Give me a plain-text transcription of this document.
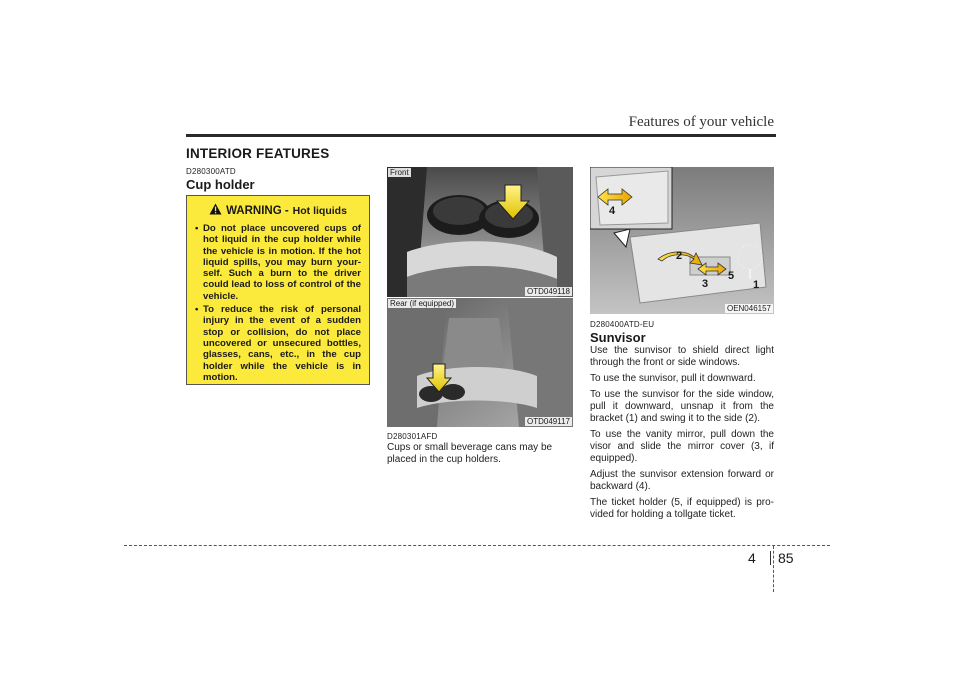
Features of your vehicle
INTERIOR FEATURES
D280300ATD
Cup holder
WARNING - Hot liquids
• Do not place uncovered cups of hot liquid in the cup holder while the vehicle is in motion. If the hot liquid spills, you may burn your-self. Such a burn to the driver could lead to loss of control of the vehicle.
• To reduce the risk of personal injury in the event of a sudden stop or collision, do not place uncovered or unsecured bottles, glasses, cans, etc., in the cup holder while the vehicle is in motion.
Front
OTD049118
Rear (if equipped)
OTD049117
D280301AFD

Cups or small beverage cans may be placed in the cup holders.

4
2
3
5
1
OEN046157
D280400ATD-EU
Sunvisor

Use the sunvisor to shield direct light through the front or side windows.

To use the sunvisor, pull it downward.

To use the sunvisor for the side window, pull it downward, unsnap it from the bracket (1) and swing it to the side (2).

To use the vanity mirror, pull down the visor and slide the mirror cover (3, if equipped).

Adjust the sunvisor extension forward or backward (4).

The ticket holder (5, if equipped) is pro-vided for holding a tollgate ticket.

4 85
